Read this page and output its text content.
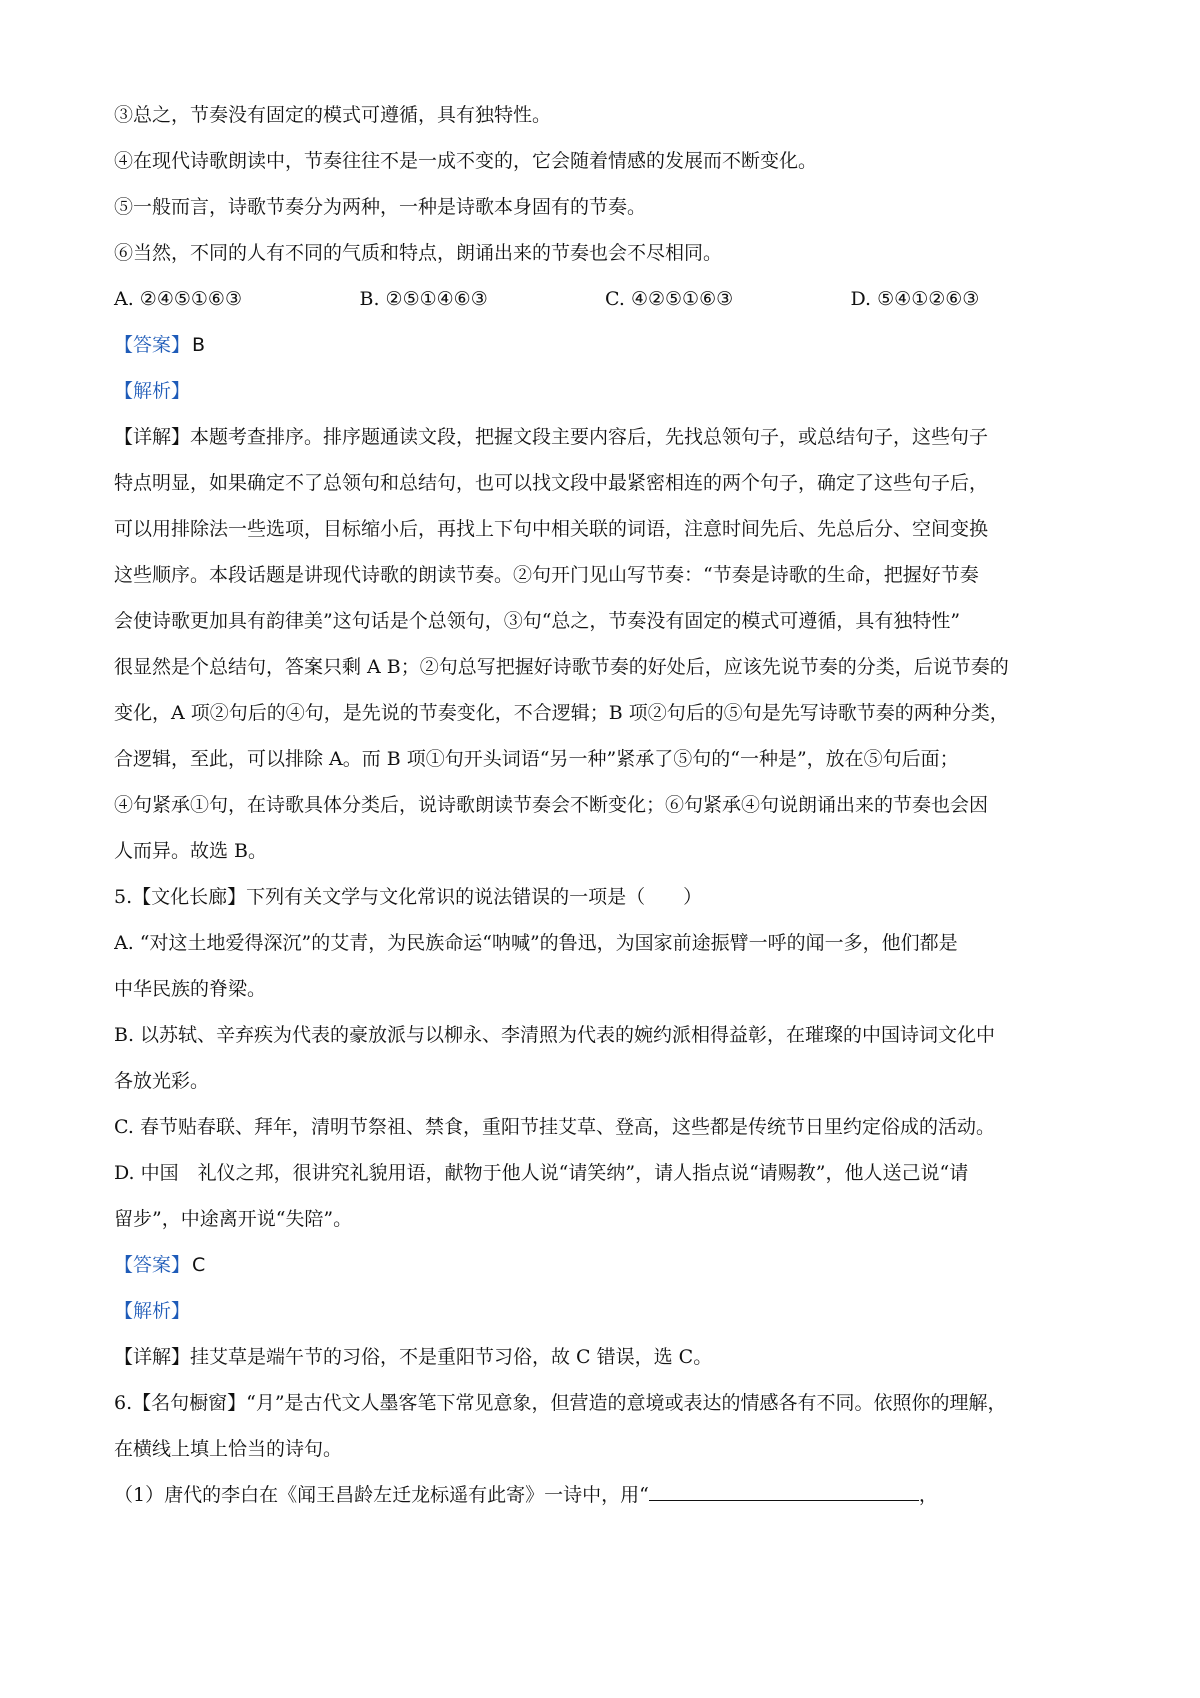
③总之，节奏没有固定的模式可遵循，具有独特性。
④在现代诗歌朗读中，节奏往往不是一成不变的，它会随着情感的发展而不断变化。
⑤一般而言，诗歌节奏分为两种，一种是诗歌本身固有的节奏。
⑥当然，不同的人有不同的气质和特点，朗诵出来的节奏也会不尽相同。
A. ②④⑤①⑥③	B. ②⑤①④⑥③	C. ④②⑤①⑥③	D. ⑤④①②⑥③
【答案】 B
【解析】
【详解】本题考查排序。排序题通读文段，把握文段主要内容后，先找总领句子，或总结句子，这些句子
特点明显，如果确定不了总领句和总结句，也可以找文段中最紧密相连的两个句子，确定了这些句子后，
可以用排除法一些选项，目标缩小后，再找上下句中相关联的词语，注意时间先后、先总后分、空间变换
这些顺序。本段话题是讲现代诗歌的朗读节奏。②句开门见山写节奏：“节奏是诗歌的生命，把握好节奏
会使诗歌更加具有韵律美”这句话是个总领句，③句“总之，节奏没有固定的模式可遵循，具有独特性”
很显然是个总结句，答案只剩 A B；②句总写把握好诗歌节奏的好处后，应该先说节奏的分类，后说节奏的
变化，A 项②句后的④句，是先说的节奏变化，不合逻辑；B 项②句后的⑤句是先写诗歌节奏的两种分类，
合逻辑，至此，可以排除 A。而 B 项①句开头词语“另一种”紧承了⑤句的“一种是”，放在⑤句后面；
④句紧承①句，在诗歌具体分类后，说诗歌朗读节奏会不断变化；⑥句紧承④句说朗诵出来的节奏也会因
人而异。故选 B。
5.【文化长廊】下列有关文学与文化常识的说法错误的一项是（　　）
A. “对这土地爱得深沉”的艾青，为民族命运“呐喊”的鲁迅，为国家前途振臂一呼的闻一多，他们都是
中华民族的脊梁。
B. 以苏轼、辛弃疾为代表的豪放派与以柳永、李清照为代表的婉约派相得益彰，在璀璨的中国诗词文化中
各放光彩。
C. 春节贴春联、拜年，清明节祭祖、禁食，重阳节挂艾草、登高，这些都是传统节日里约定俗成的活动。
D. 中国　礼仪之邦，很讲究礼貌用语，献物于他人说“请笑纳”，请人指点说“请赐教”，他人送己说“请
留步”，中途离开说“失陪”。
【答案】 C
【解析】
【详解】挂艾草是端午节的习俗，不是重阳节习俗，故 C 错误，选 C。
6.【名句橱窗】“月”是古代文人墨客笔下常见意象，但营造的意境或表达的情感各有不同。依照你的理解，
在横线上填上恰当的诗句。
（1）唐代的李白在《闻王昌龄左迁龙标遥有此寄》一诗中，用“	，
